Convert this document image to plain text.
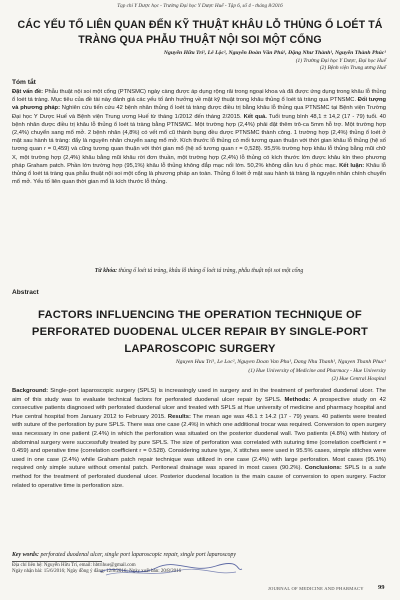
Tạp chí Y Dược học - Trường Đại học Y Dược Huế - Tập 6, số 4 - tháng 8/2016
CÁC YẾU TỐ LIÊN QUAN ĐẾN KỸ THUẬT KHÂU LỖ THỦNG Ổ LOÉT TÁ TRÀNG QUA PHẪU THUẬT NỘI SOI MỘT CỔNG
Nguyễn Hữu Trí¹, Lê Lộc², Nguyễn Đoàn Văn Phú¹, Đặng Như Thành¹, Nguyễn Thành Phúc¹
(1) Trường Đại học Y Dược, Đại học Huế
(2) Bệnh viện Trung ương Huế
Tóm tắt
Đặt vấn đề: Phẫu thuật nội soi một cổng (PTNSMC) ngày càng được áp dụng rộng rãi trong ngoại khoa và đã được ứng dụng trong khâu lỗ thủng ổ loét tá tràng. Mục tiêu của đề tài này đánh giá các yếu tố ảnh hưởng về mặt kỹ thuật trong khâu thủng ổ loét tá tràng qua PTNSMC. Đối tượng và phương pháp: Nghiên cứu tiến cứu 42 bệnh nhân thủng ổ loét tá tràng được điều trị bằng khâu lỗ thủng qua PTNSMC tại Bệnh viện Trường Đại học Y Dược Huế và Bệnh viện Trung ương Huế từ tháng 1/2012 đến tháng 2/2015. Kết quả. Tuổi trung bình 48,1 ± 14,2 (17 - 79) tuổi. 40 bệnh nhân được điều trị khâu lỗ thủng ổ loét tá tràng bằng PTNSMC. Một trường hợp (2,4%) phải đặt thêm trô-ca 5mm hỗ trợ. Một trường hợp (2,4%) chuyển sang mổ mở. 2 bệnh nhân (4,8%) có vết mổ cũ thành bụng đều được PTNSMC thành công. 1 trường hợp (2,4%) thủng ổ loét ở mặt sau hành tá tràng: đẩy là nguyên nhân chuyển sang mổ mở. Kích thước lỗ thủng có mối tương quan thuận với thời gian khâu lỗ thủng (hệ số tương quan r = 0,459) và cũng tương quan thuận với thời gian mổ (hệ số tương quan r = 0,528). 95,5% trường hợp khâu lỗ thủng bằng mũi chữ X, một trường hợp (2,4%) khâu bằng mũi khâu rời đơn thuần, một trường hợp (2,4%) lỗ thủng có kích thước lớn được khâu kín theo phương pháp Graham patch. Phần lớn trường hợp (95,1%) khâu lỗ thủng không đắp mạc nối lớn. 50,2% không dẫn lưu ổ phúc mạc. Kết luận: Khâu lỗ thủng ổ loét tá tràng qua phẫu thuật nội soi một cổng là phương pháp an toàn. Thủng ổ loét ở mặt sau hành tá tràng là nguyên nhân chính chuyển mổ mở. Yếu tố liên quan thời gian mổ là kích thước lỗ thủng.
Từ khóa: thủng ổ loét tá tràng, khâu lỗ thủng ổ loét tá tràng, phẫu thuật nội soi một cổng
Abstract
FACTORS INFLUENCING THE OPERATION TECHNIQUE OF PERFORATED DUODENAL ULCER REPAIR BY SINGLE-PORT LAPAROSCOPIC SURGERY
Nguyen Huu Tri¹, Le Loc², Nguyen Doan Van Phu¹, Dang Nhu Thanh¹, Nguyen Thanh Phuc¹
(1) Hue University of Medicine and Pharmacy - Hue University
(2) Hue Central Hospital
Background: Single-port laparoscopic surgery (SPLS) is increasingly used in surgery and in the treatment of perforated duodenal ulcer. The aim of this study was to evaluate technical factors for perforated duodenal ulcer repair by SPLS. Methods: A prospective study on 42 consecutive patients diagnosed with perforated duodenal ulcer and treated with SPLS at Hue university of medicine and pharmacy hospital and Hue central hospital from January 2012 to February 2015. Results: The mean age was 48.1 ± 14.2 (17 - 79) years. 40 patients were treated with suture of the perforation by pure SPLS. There was one case (2.4%) in which one additional trocar was required. Conversion to open surgery was necessary in one patient (2.4%) in which the perforation was situated on the posterior duodenal wall. Two patients (4.8%) with history of abdominal surgery were successfully treated by pure SPLS. The size of perforation was correlated with suturing time (correlation coefficient r = 0.459) and operative time (correlation coefficient r = 0.528). Considering suture type, X stitches were used in 95.5% cases, simple stitches were used in one case (2.4%) while Graham patch repair technique was utilized in one case (2.4%) with large perforation. Most cases (95.1%) required only simple suture without omental patch. Peritoneal drainage was spared in most cases (90.2%). Conclusions: SPLS is a safe method for the treatment of perforated duodenal ulcer. Posterior duodenal location is the main cause of conversion to open surgery. Factor related to operative time is perforation size.
Key words: perforated duodenal ulcer, single port laparoscopic repair, single port laparoscopy
Địa chỉ liên hệ: Nguyễn Hữu Trí, email: hbtrihue@gmail.com
Ngày nhận bài: 15/6/2016; Ngày đồng ý đăng: 12/8/2016; Ngày xuất bản: 20/8/2016
JOURNAL OF MEDICINE AND PHARMACY 99
